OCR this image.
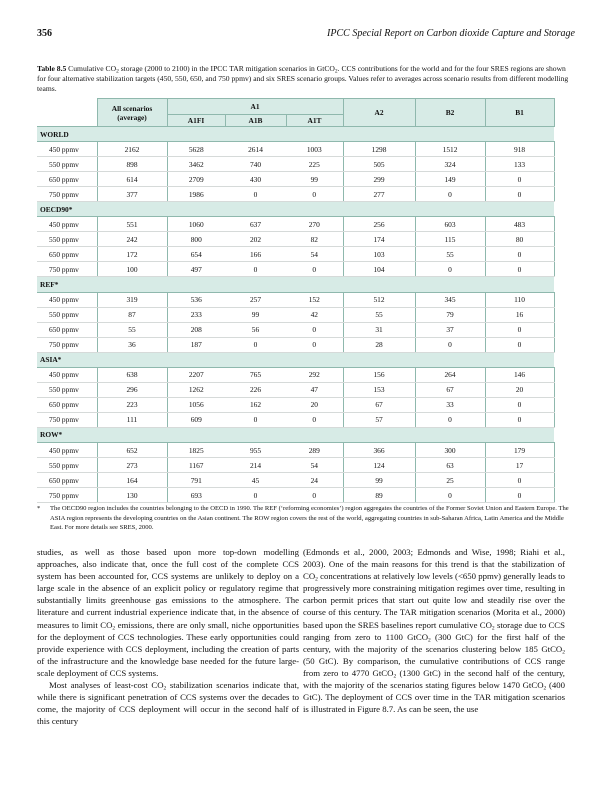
356	IPCC Special Report on Carbon dioxide Capture and Storage
Table 8.5 Cumulative $CO_2$ storage (2000 to 2100) in the IPCC TAR mitigation scenarios in GtCO$_2$. CCS contributions for the world and for the four SRES regions are shown for four alternative stabilization targets (450, 550, 650, and 750 ppmv) and six SRES scenario groups. Values refer to averages across scenario results from different modelling teams.
	All scenarios (average)	A1			A2	B2	B1
		A1FI	A1B	A1T			
WORLD							
450 ppmv	2162	5628	2614	1003	1298	1512	918
550 ppmv	898	3462	740	225	505	324	133
650 ppmv	614	2709	430	99	299	149	0
750 ppmv	377	1986	0	0	277	0	0
OECD90*							
450 ppmv	551	1060	637	270	256	603	483
550 ppmv	242	800	202	82	174	115	80
650 ppmv	172	654	166	54	103	55	0
750 ppmv	100	497	0	0	104	0	0
REF*							
450 ppmv	319	536	257	152	512	345	110
550 ppmv	87	233	99	42	55	79	16
650 ppmv	55	208	56	0	31	37	0
750 ppmv	36	187	0	0	28	0	0
ASIA*							
450 ppmv	638	2207	765	292	156	264	146
550 ppmv	296	1262	226	47	153	67	20
650 ppmv	223	1056	162	20	67	33	0
750 ppmv	111	609	0	0	57	0	0
ROW*							
450 ppmv	652	1825	955	289	366	300	179
550 ppmv	273	1167	214	54	124	63	17
650 ppmv	164	791	45	24	99	25	0
750 ppmv	130	693	0	0	89	0	0
* The OECD90 region includes the countries belonging to the OECD in 1990. The REF (‘reforming economies’) region aggregates the countries of the Former Soviet Union and Eastern Europe. The ASIA region represents the developing countries on the Asian continent. The ROW region covers the rest of the world, aggregating countries in sub-Saharan Africa, Latin America and the Middle East. For more details see SRES, 2000.

studies, as well as those based upon more top-down modelling approaches, also indicate that, once the full cost of the complete CCS system has been accounted for, CCS systems are unlikely to deploy on a large scale in the absence of an explicit policy or regulatory regime that substantially limits greenhouse gas emissions to the atmosphere. The literature and current industrial experience indicate that, in the absence of measures to limit $CO_2$ emissions, there are only small, niche opportunities for the deployment of CCS technologies. These early opportunities could provide experience with CCS deployment, including the creation of parts of the infrastructure and the knowledge base needed for the future large-scale deployment of CCS systems.

Most analyses of least-cost $CO_2$ stabilization scenarios indicate that, while there is significant penetration of CCS systems over the decades to come, the majority of CCS deployment will occur in the second half of this century

(Edmonds et al., 2000, 2003; Edmonds and Wise, 1998; Riahi et al., 2003). One of the main reasons for this trend is that the stabilization of $CO_2$ concentrations at relatively low levels (<650 ppmv) generally leads to progressively more constraining mitigation regimes over time, resulting in carbon permit prices that start out quite low and steadily rise over the course of this century. The TAR mitigation scenarios (Morita et al., 2000) based upon the SRES baselines report cumulative $CO_2$ storage due to CCS ranging from zero to 1100 GtCO$_2$ (300 GtC) for the first half of the century, with the majority of the scenarios clustering below 185 GtCO$_2$ (50 GtC). By comparison, the cumulative contributions of CCS range from zero to 4770 GtCO$_2$ (1300 GtC) in the second half of the century, with the majority of the scenarios stating figures below 1470 GtCO$_2$ (400 GtC). The deployment of CCS over time in the TAR mitigation scenarios is illustrated in Figure 8.7. As can be seen, the use
